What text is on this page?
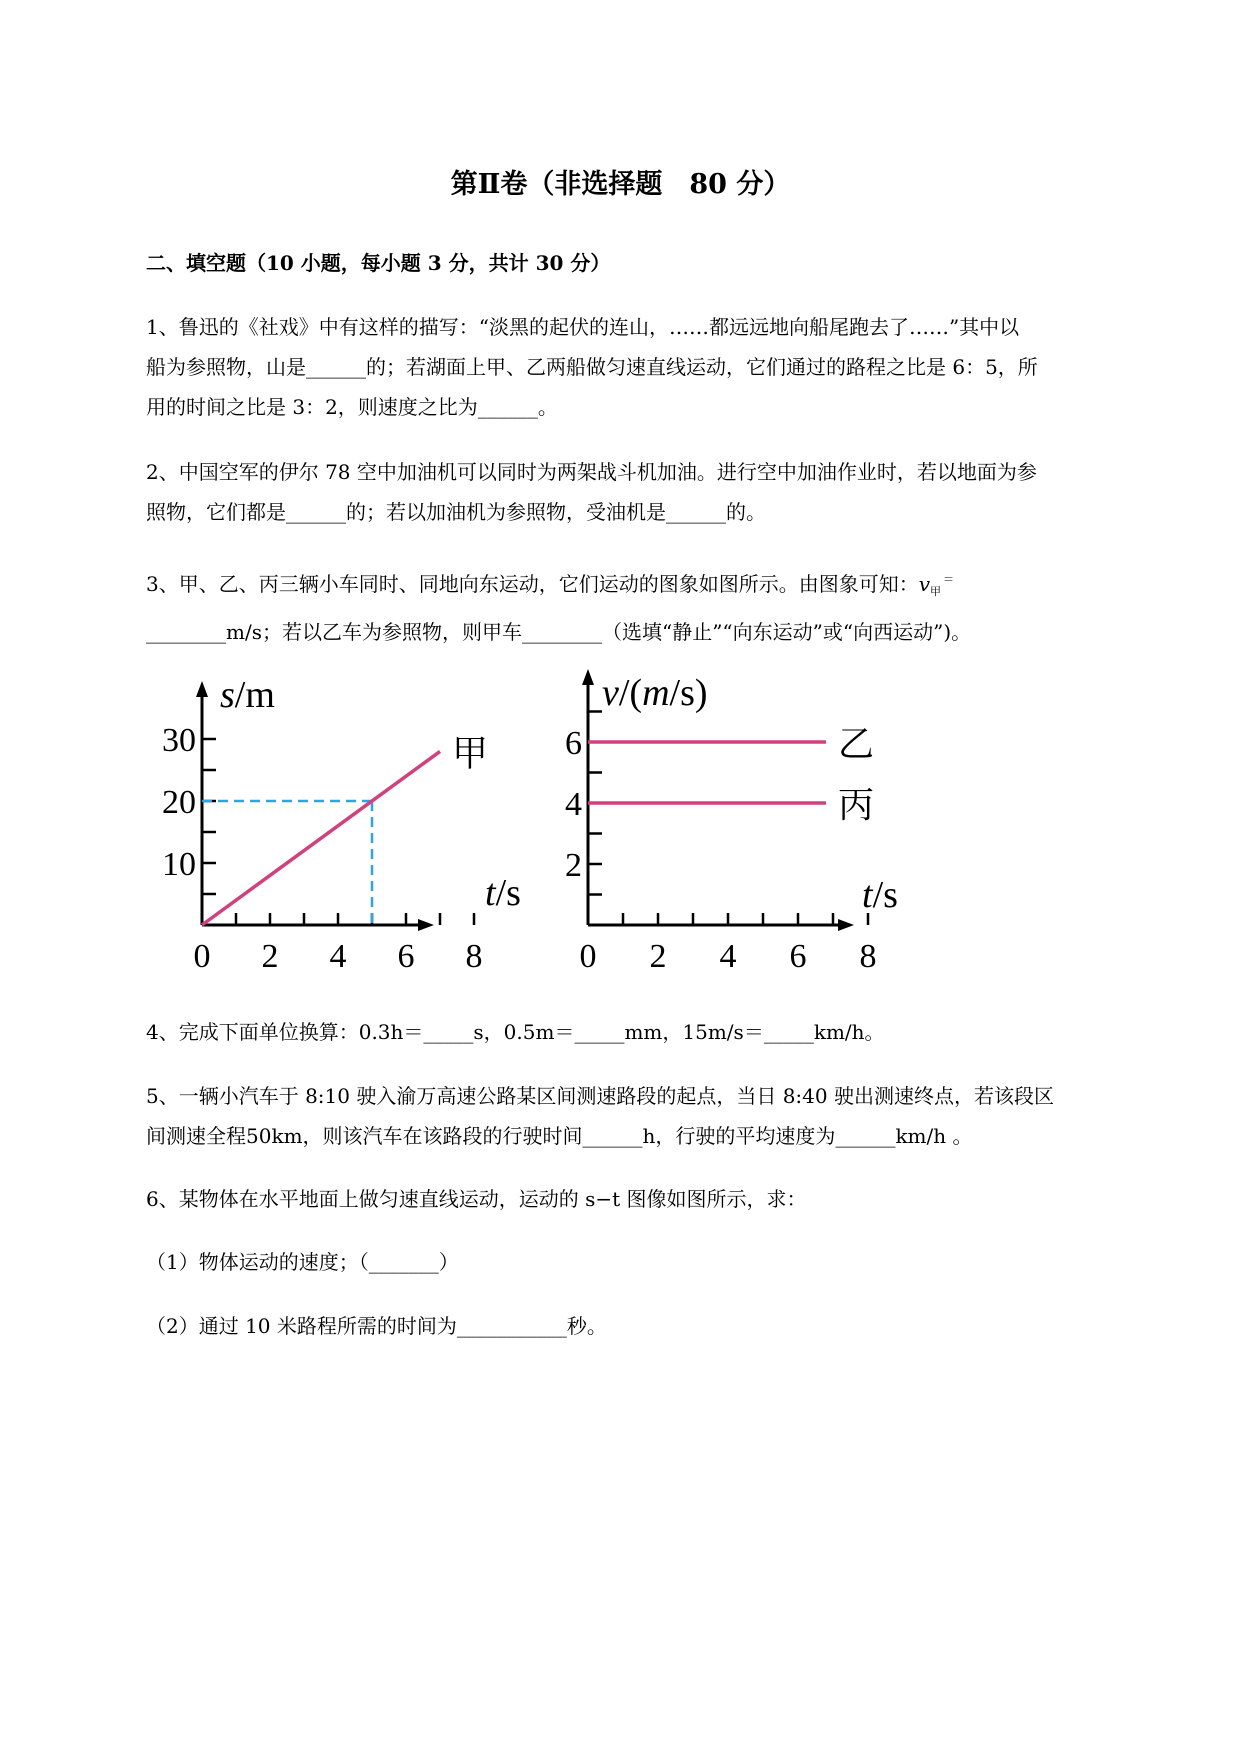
第Ⅱ卷（非选择题　80 分）
二、填空题（10 小题，每小题 3 分，共计 30 分）
1、鲁迅的《社戏》中有这样的描写：“淡黑的起伏的连山，……都远远地向船尾跑去了……”其中以
船为参照物，山是______的；若湖面上甲、乙两船做匀速直线运动，它们通过的路程之比是 6：5，所
用的时间之比是 3：2，则速度之比为______。
2、中国空军的伊尔 78 空中加油机可以同时为两架战斗机加油。进行空中加油作业时，若以地面为参
照物，它们都是______的；若以加油机为参照物，受油机是______的。
3、甲、乙、丙三辆小车同时、同地向东运动，它们运动的图象如图所示。由图象可知：$v_甲^=$
________m/s；若以乙车为参照物，则甲车________（选填“静止”“向东运动”或“向西运动”)。
0 2 4 6 8
10
20
30	甲
s/m
t/s
0 2 4 6 8
2
4
6	乙
丙
v/(m/s)
t/s
4、完成下面单位换算：0.3h＝_____s，0.5m＝_____mm，15m/s＝_____km/h。
5、一辆小汽车于 8:10 驶入渝万高速公路某区间测速路段的起点，当日 8:40 驶出测速终点，若该段区
间测速全程50km，则该汽车在该路段的行驶时间______h，行驶的平均速度为______km/h 。
6、某物体在水平地面上做匀速直线运动，运动的 s−t 图像如图所示，求：
（1）物体运动的速度；（_______）
（2）通过 10 米路程所需的时间为___________秒。
